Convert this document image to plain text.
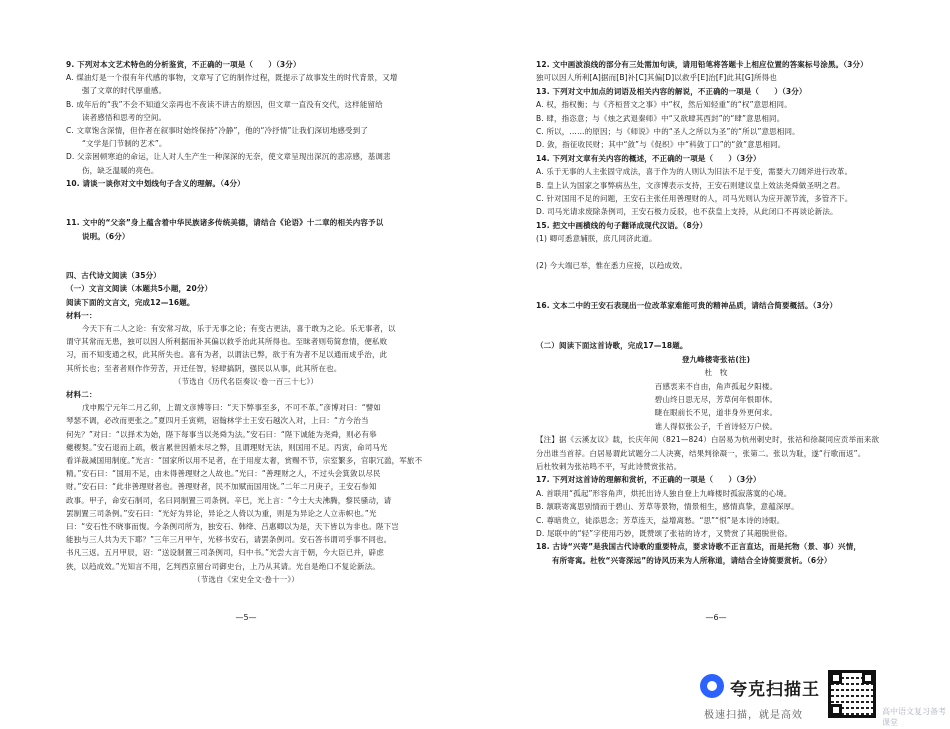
9. 下列对本文艺术特色的分析鉴赏，不正确的一项是（　　）（3分）
A. 煤油灯是一个很有年代感的事物，文章写了它的制作过程，既提示了故事发生的时代背景，又增
强了文章的时代厚重感。
B. 成年后的“我”不会不知道父亲再也不夜读不讲古的原因，但文章一直没有交代，这样能留给
读者感悟和思考的空间。
C. 文章饱含深情，但作者在叙事时始终保持“冷静”，他的“冷抒情”让我们深切地感受到了
“文学是门节制的艺术”。
D. 父亲困顿寒迫的命运，让人对人生产生一种深深的无奈，使文章呈现出深沉的悲凉感，基调悲
伤，缺乏温暖的亮色。
10. 请谈一谈你对文中划线句子含义的理解。（4分）
11. 文中的“父亲”身上蕴含着中华民族诸多传统美德，请结合《论语》十二章的相关内容予以
说明。（6分）
四、古代诗文阅读（35分）
（一）文言文阅读（本题共5小题，20分）
阅读下面的文言文，完成12—16题。
材料一：
今天下有二人之论：有安常习故，乐于无事之论；有变古更法，喜于敢为之论。乐无事者，以
谓守其常而无患，独可以因人所利据而补其偏以救乎治此其所得也。至昧者则苟简怠情，便私败
习，而不知变通之权，此其所失也。喜有为者，以谓法已弊，欲于有为者不足以通而成乎治，此
其所长也；至者者则作作劳苦，开迁任智，轻肆搞阴，强民以从事，此其所在也。
（节选自《历代名臣奏议·卷一百三十七》）
材料二：
戊申熙宁元年二月乙卯，上谓文彦博等曰：“天下弊事至多，不可不革。”彦博对曰：“譬如
琴瑟不调，必改而更张之。”夏四月壬寅朔，诏翰林学士王安石越次入对，上曰：“方今治当
何先？”对曰：“以择术为始，陛下每事当以尧舜为法。”安石曰：“陛下诚能为尧舜，则必有皋
夔稷契。”安石退而上疏，极言累世因循未尽之弊，且谓理财无法，则国用不足。丙寅，命司马光
看详裁减国用制度。”光言：“国家所以用不足者，在于用度太奢，赏赐不节，宗室繁多，官职冗滥，军旅不
精。”安石曰：“国用不足，由未得善理财之人故也。”光曰：“善理财之人，不过头会箕敛以尽民
财。”安石曰：“此非善理财者也。善理财者，民不加赋而国用饶。”二年二月庚子，王安石参知
政事。甲子，命安石制司，名曰同制置三司条例。辛巳，光上言：“今士大夫沸腾，黎民骚动，请
罢制置三司条例。”安石曰：“光好为异论，异论之人倚以为重，则是为异论之人立赤帜也。”光
曰：“安石性不晓事而愎。今条例司所为，独安石、韩绛、吕惠卿以为是，天下皆以为非也。陛下岂
能独与三人共为天下耶？”三年三月甲午，光移书安石，请罢条例司。安石答书谓司乎事不同也。
书凡三返。五月甲辰，诏：“送设制置三司条例司，归中书。”光尝大言于朝，今大臣已并，辟虑
狭，以趋成效。”光知言不用，乞判西京留台司御史台，上乃从其请。光自是绝口不复论新法。
（节选自《宋史全文·卷十一》）
—5—
12. 文中画波浪线的部分有三处需加句读，请用铅笔将答题卡上相应位置的答案标号涂黑。（3分）
独可以因人所利[A]据而[B]补[C]其偏[D]以救乎[E]治[F]此其[G]所得也
13. 下列对文中加点的词语及相关内容的解说，不正确的一项是（　　）（3分）
A. 权，指权衡；与《齐桓晋文之事》中“权，然后知轻重”的“权”意思相同。
B. 肆，指恣意；与《烛之武退秦师》中“又欲肆其西封”的“肆”意思相同。
C. 所以，……的原因；与《师说》中的“圣人之所以为圣”的“所以”意思相同。
D. 敛，指征收民财；其中“敛”与《促织》中“科敛丁口”的“敛”意思相同。
14. 下列对文章有关内容的概述，不正确的一项是（　　）（3分）
A. 乐于无事的人主张固守成法，喜于作为的人则认为旧法不足于变，需要大刀阔斧进行改革。
B. 皇上认为国家之事弊病丛生，文彦博表示支持，王安石则建议皇上效法尧舜做圣明之君。
C. 针对国用不足的问题，王安石主张任用善理财的人，司马光则认为应开源节流，多管齐下。
D. 司马光请求废除条例司，王安石极力反驳，也不获皇上支持，从此闭口不再谈论新法。
15. 把文中画横线的句子翻译成现代汉语。（8分）
(1) 卿可悉意辅朕，庶几同济此道。
(2) 今大端已举，惟在悉力应接，以趋成效。
16. 文本二中的王安石表现出一位改革家难能可贵的精神品质，请结合简要概括。（3分）
（二）阅读下面这首诗歌，完成17—18题。
登九峰楼寄张祜(注)
杜　牧
百感衷来不自由，角声孤起夕阳楼。
碧山终日思无尽，芳草何年恨即休。
睫在眼前长不见，道非身外更何求。
谁人得似张公子，千首诗轻万户侯。
【注】据《云溪友议》载，长庆年间（821—824）白居易为杭州刺史时，张祜和徐凝同应贡举而来欲
分出谁当首荐。白居易谓此试题分二人决赛，结果判徐凝一，张第二。张以为耻，遂“行歌而返”。
后杜牧刺为张祜鸣不平，写此诗赞赏张祜。
17. 下列对这首诗的理解和赏析，不正确的一项是（　　）（3分）
A. 首联用“孤起”形容角声，烘托出诗人独自登上九峰楼时孤寂落寞的心境。
B. 颔联寄寓思别情而于碧山、芳草等景物，情景相生，感情真挚，意蕴深厚。
C. 尊暗贵立，徒添思念；芳草连天，益增离愁。“思”“恨”是本诗的诗眼。
D. 尾联中的“轻”字使用巧妙，既赞颂了张祜的诗才，又赞赏了其超脱世俗。
18. 古诗“兴寄”是我国古代诗歌的重要特点，要求诗歌不正言直达，而是托物（景、事）兴情，
有所寄寓。杜牧“兴寄深远”的诗风历来为人所称道，请结合全诗简要赏析。（6分）
—6—
夸克扫描王
极速扫描，就是高效	高中语文复习备考课堂
